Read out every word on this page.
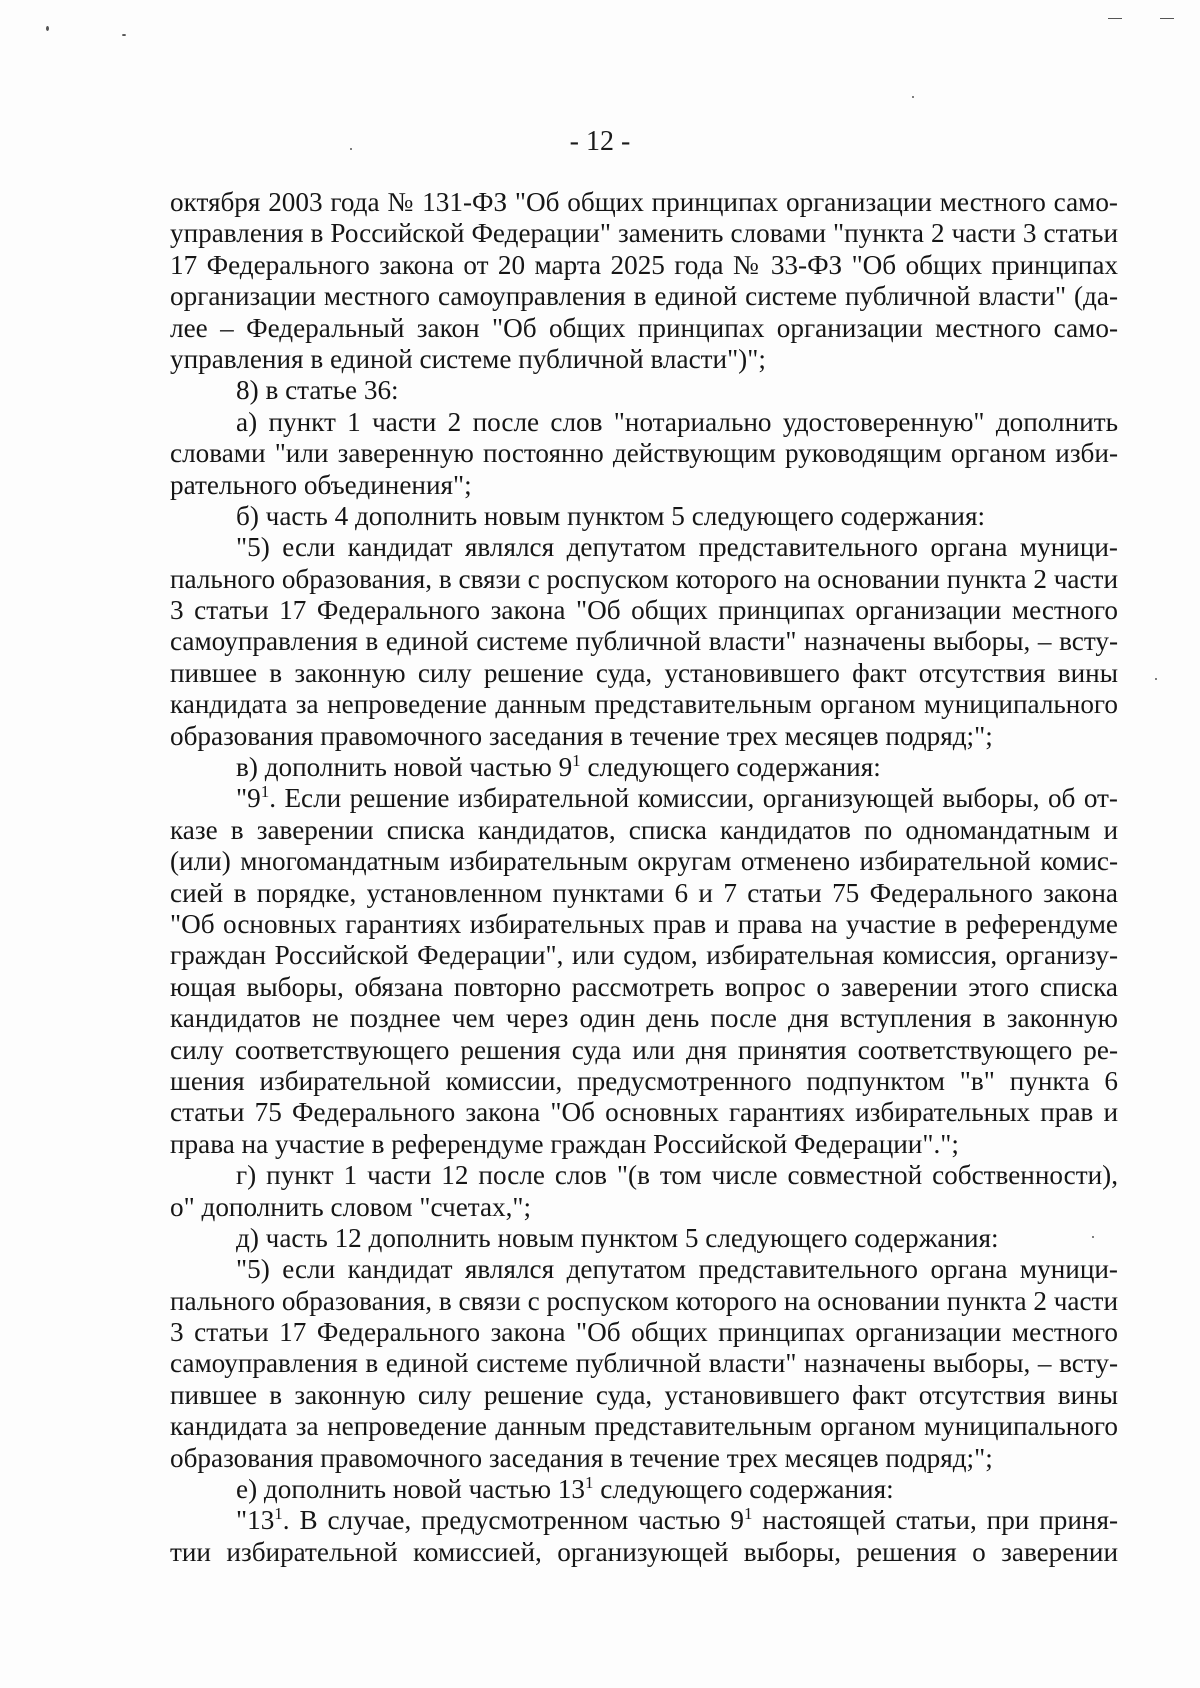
- 12 -
октября 2003 года № 131-ФЗ "Об общих принципах организации местного само-
управления в Российской Федерации" заменить словами "пункта 2 части 3 статьи
17 Федерального закона от 20 марта 2025 года № 33-ФЗ "Об общих принципах
организации местного самоуправления в единой системе публичной власти" (да-
лее – Федеральный закон "Об общих принципах организации местного само-
управления в единой системе публичной власти")";
8) в статье 36:
а) пункт 1 части 2 после слов "нотариально удостоверенную" дополнить
словами "или заверенную постоянно действующим руководящим органом изби-
рательного объединения";
б) часть 4 дополнить новым пунктом 5 следующего содержания:
"5) если кандидат являлся депутатом представительного органа муници-
пального образования, в связи с роспуском которого на основании пункта 2 части
3 статьи 17 Федерального закона "Об общих принципах организации местного
самоуправления в единой системе публичной власти" назначены выборы, – всту-
пившее в законную силу решение суда, установившего факт отсутствия вины
кандидата за непроведение данным представительным органом муниципального
образования правомочного заседания в течение трех месяцев подряд;";
в) дополнить новой частью $9^1$ следующего содержания:
"$9^1$. Если решение избирательной комиссии, организующей выборы, об от-
казе в заверении списка кандидатов, списка кандидатов по одномандатным и
(или) многомандатным избирательным округам отменено избирательной комис-
сией в порядке, установленном пунктами 6 и 7 статьи 75 Федерального закона
"Об основных гарантиях избирательных прав и права на участие в референдуме
граждан Российской Федерации", или судом, избирательная комиссия, организу-
ющая выборы, обязана повторно рассмотреть вопрос о заверении этого списка
кандидатов не позднее чем через один день после дня вступления в законную
силу соответствующего решения суда или дня принятия соответствующего ре-
шения избирательной комиссии, предусмотренного подпунктом "в" пункта 6
статьи 75 Федерального закона "Об основных гарантиях избирательных прав и
права на участие в референдуме граждан Российской Федерации".";
г) пункт 1 части 12 после слов "(в том числе совместной собственности),
о" дополнить словом "счетах,";
д) часть 12 дополнить новым пунктом 5 следующего содержания:
"5) если кандидат являлся депутатом представительного органа муници-
пального образования, в связи с роспуском которого на основании пункта 2 части
3 статьи 17 Федерального закона "Об общих принципах организации местного
самоуправления в единой системе публичной власти" назначены выборы, – всту-
пившее в законную силу решение суда, установившего факт отсутствия вины
кандидата за непроведение данным представительным органом муниципального
образования правомочного заседания в течение трех месяцев подряд;";
е) дополнить новой частью $13^1$ следующего содержания:
"$13^1$. В случае, предусмотренном частью $9^1$ настоящей статьи, при приня-
тии избирательной комиссией, организующей выборы, решения о заверении
